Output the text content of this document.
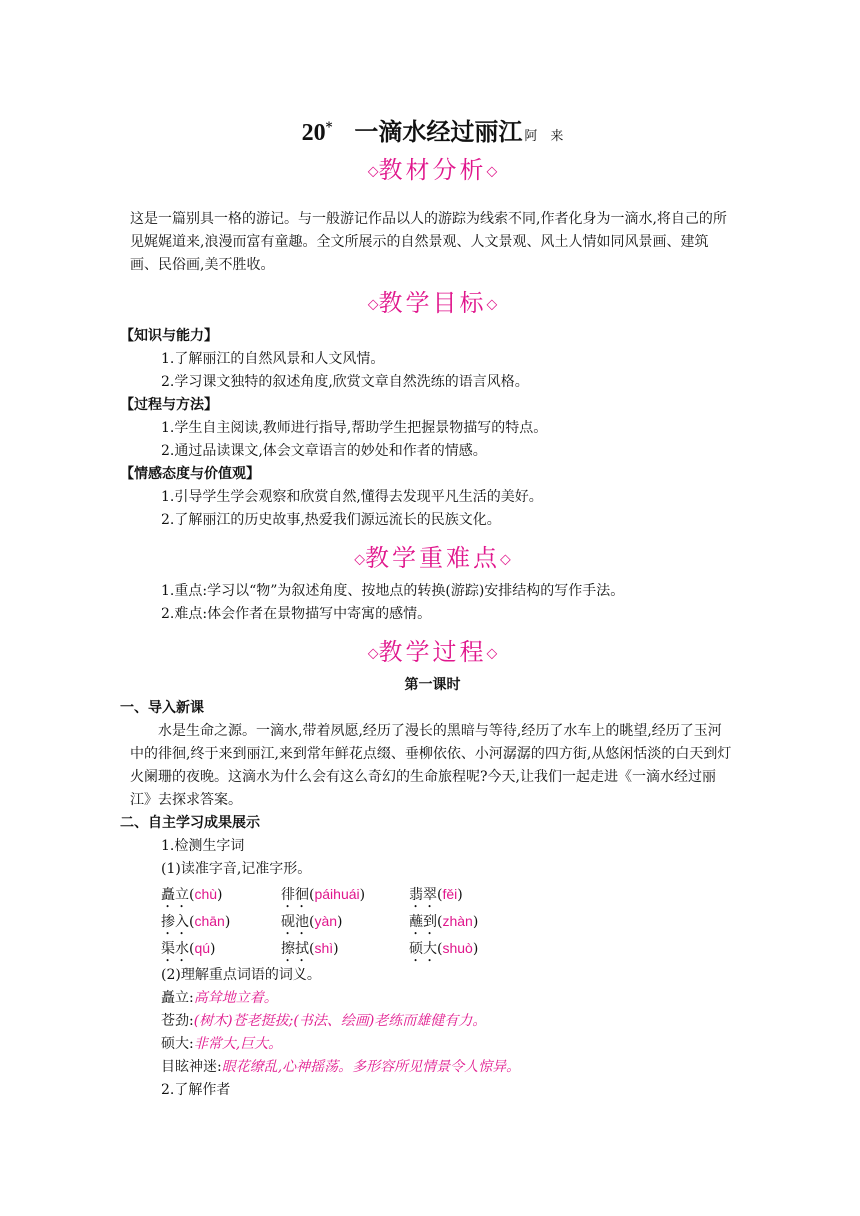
20* 一滴水经过丽江 阿　来
◇教材分析◇

这是一篇别具一格的游记。与一般游记作品以人的游踪为线索不同,作者化身为一滴水,将自己的所见娓娓道来,浪漫而富有童趣。全文所展示的自然景观、人文景观、风土人情如同风景画、建筑画、民俗画,美不胜收。

◇教学目标◇

【知识与能力】

1.了解丽江的自然风景和人文风情。

2.学习课文独特的叙述角度,欣赏文章自然洗练的语言风格。

【过程与方法】

1.学生自主阅读,教师进行指导,帮助学生把握景物描写的特点。

2.通过品读课文,体会文章语言的妙处和作者的情感。

【情感态度与价值观】

1.引导学生学会观察和欣赏自然,懂得去发现平凡生活的美好。

2.了解丽江的历史故事,热爱我们源远流长的民族文化。

◇教学重难点◇

1.重点:学习以“物”为叙述角度、按地点的转换(游踪)安排结构的写作手法。

2.难点:体会作者在景物描写中寄寓的感情。

◇教学过程◇

第一课时

一、导入新课

水是生命之源。一滴水,带着夙愿,经历了漫长的黑暗与等待,经历了水车上的眺望,经历了玉河中的徘徊,终于来到丽江,来到常年鲜花点缀、垂柳依依、小河潺潺的四方街,从悠闲恬淡的白天到灯火阑珊的夜晚。这滴水为什么会有这么奇幻的生命旅程呢?今天,让我们一起走进《一滴水经过丽江》去探求答案。

二、自主学习成果展示

1.检测生字词

(1)读准字音,记准字形。

矗立(chù)	徘徊(páihuái)	翡翠(fěi)
掺入(chān)	砚池(yàn)	蘸到(zhàn)
渠水(qú)	擦拭(shì)	硕大(shuò)

(2)理解重点词语的词义。

矗立:高耸地立着。

苍劲:(树木)苍老挺拔;(书法、绘画)老练而雄健有力。

硕大:非常大,巨大。

目眩神迷:眼花缭乱,心神摇荡。多形容所见情景令人惊异。

2.了解作者
